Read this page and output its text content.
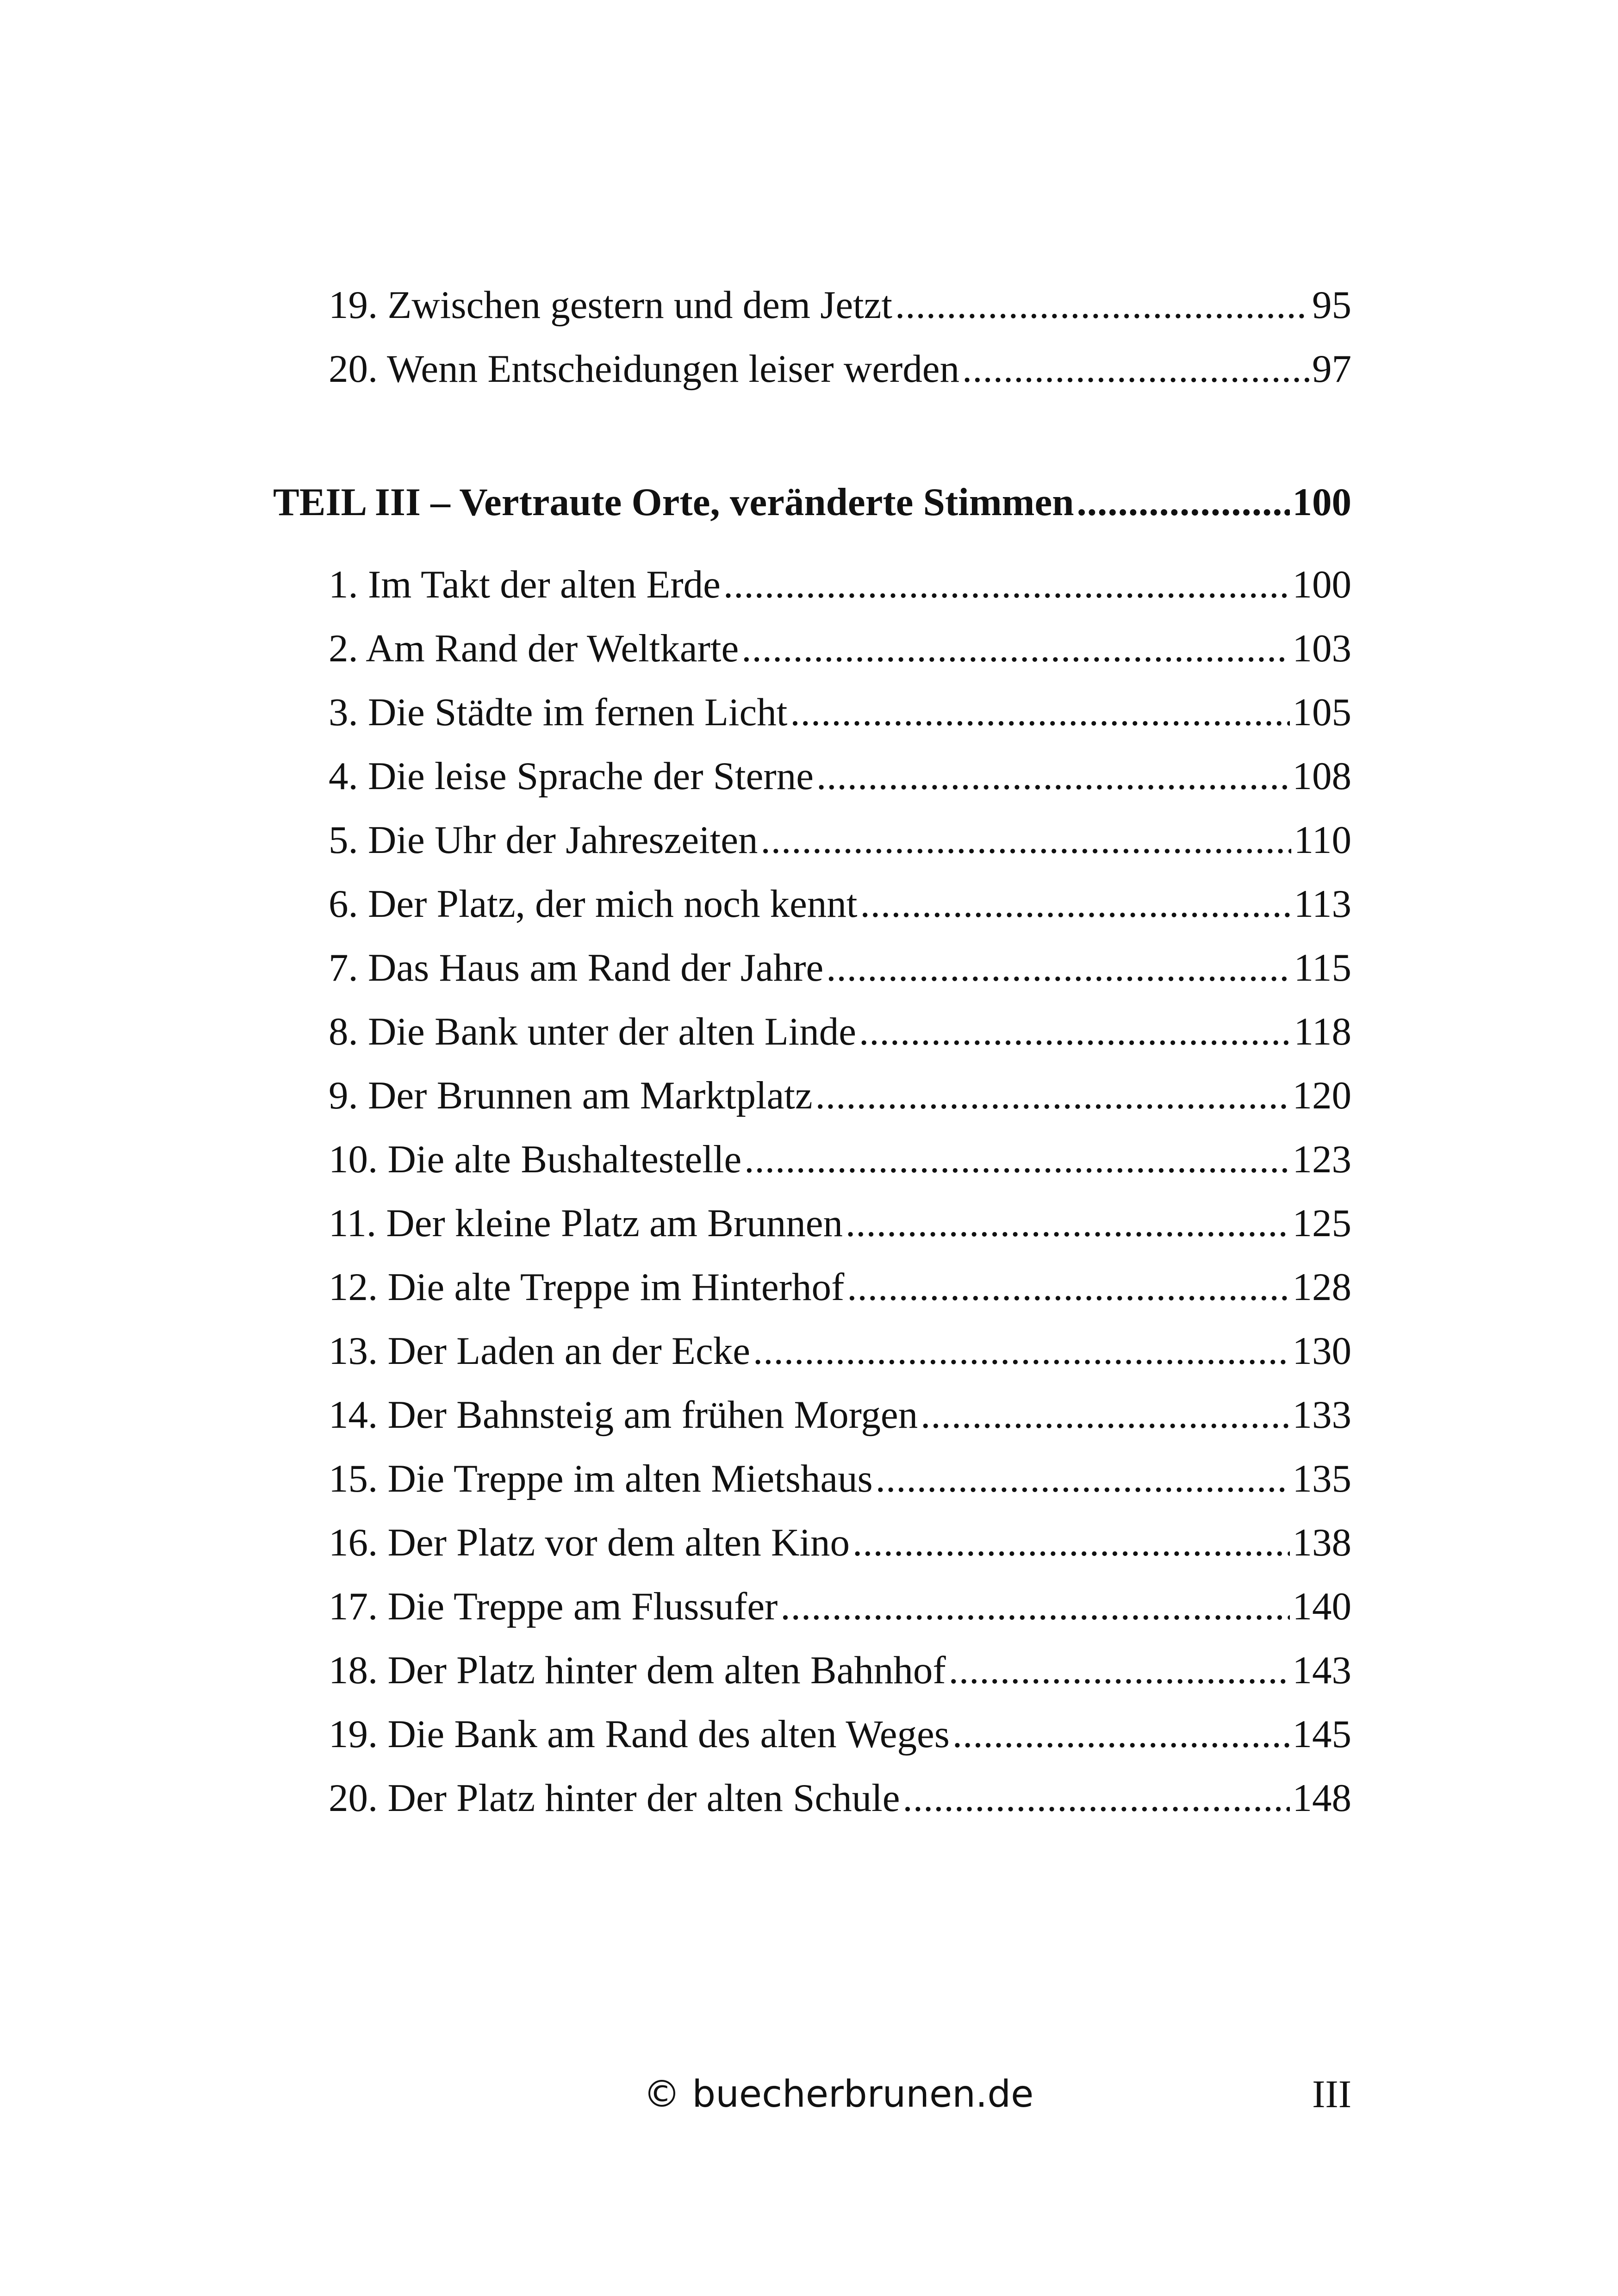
19. Zwischen gestern und dem Jetzt .....	95
20. Wenn Entscheidungen leiser werden .....	97
TEIL III – Vertraute Orte, veränderte Stimmen .....	100
1. Im Takt der alten Erde .....	100
2. Am Rand der Weltkarte .....	103
3. Die Städte im fernen Licht .....	105
4. Die leise Sprache der Sterne .....	108
5. Die Uhr der Jahreszeiten .....	110
6. Der Platz, der mich noch kennt .....	113
7. Das Haus am Rand der Jahre .....	115
8. Die Bank unter der alten Linde .....	118
9. Der Brunnen am Marktplatz .....	120
10. Die alte Bushaltestelle .....	123
11. Der kleine Platz am Brunnen .....	125
12. Die alte Treppe im Hinterhof .....	128
13. Der Laden an der Ecke .....	130
14. Der Bahnsteig am frühen Morgen .....	133
15. Die Treppe im alten Mietshaus .....	135
16. Der Platz vor dem alten Kino .....	138
17. Die Treppe am Flussufer .....	140
18. Der Platz hinter dem alten Bahnhof .....	143
19. Die Bank am Rand des alten Weges .....	145
20. Der Platz hinter der alten Schule .....	148
© buecherbrunen.de	III
